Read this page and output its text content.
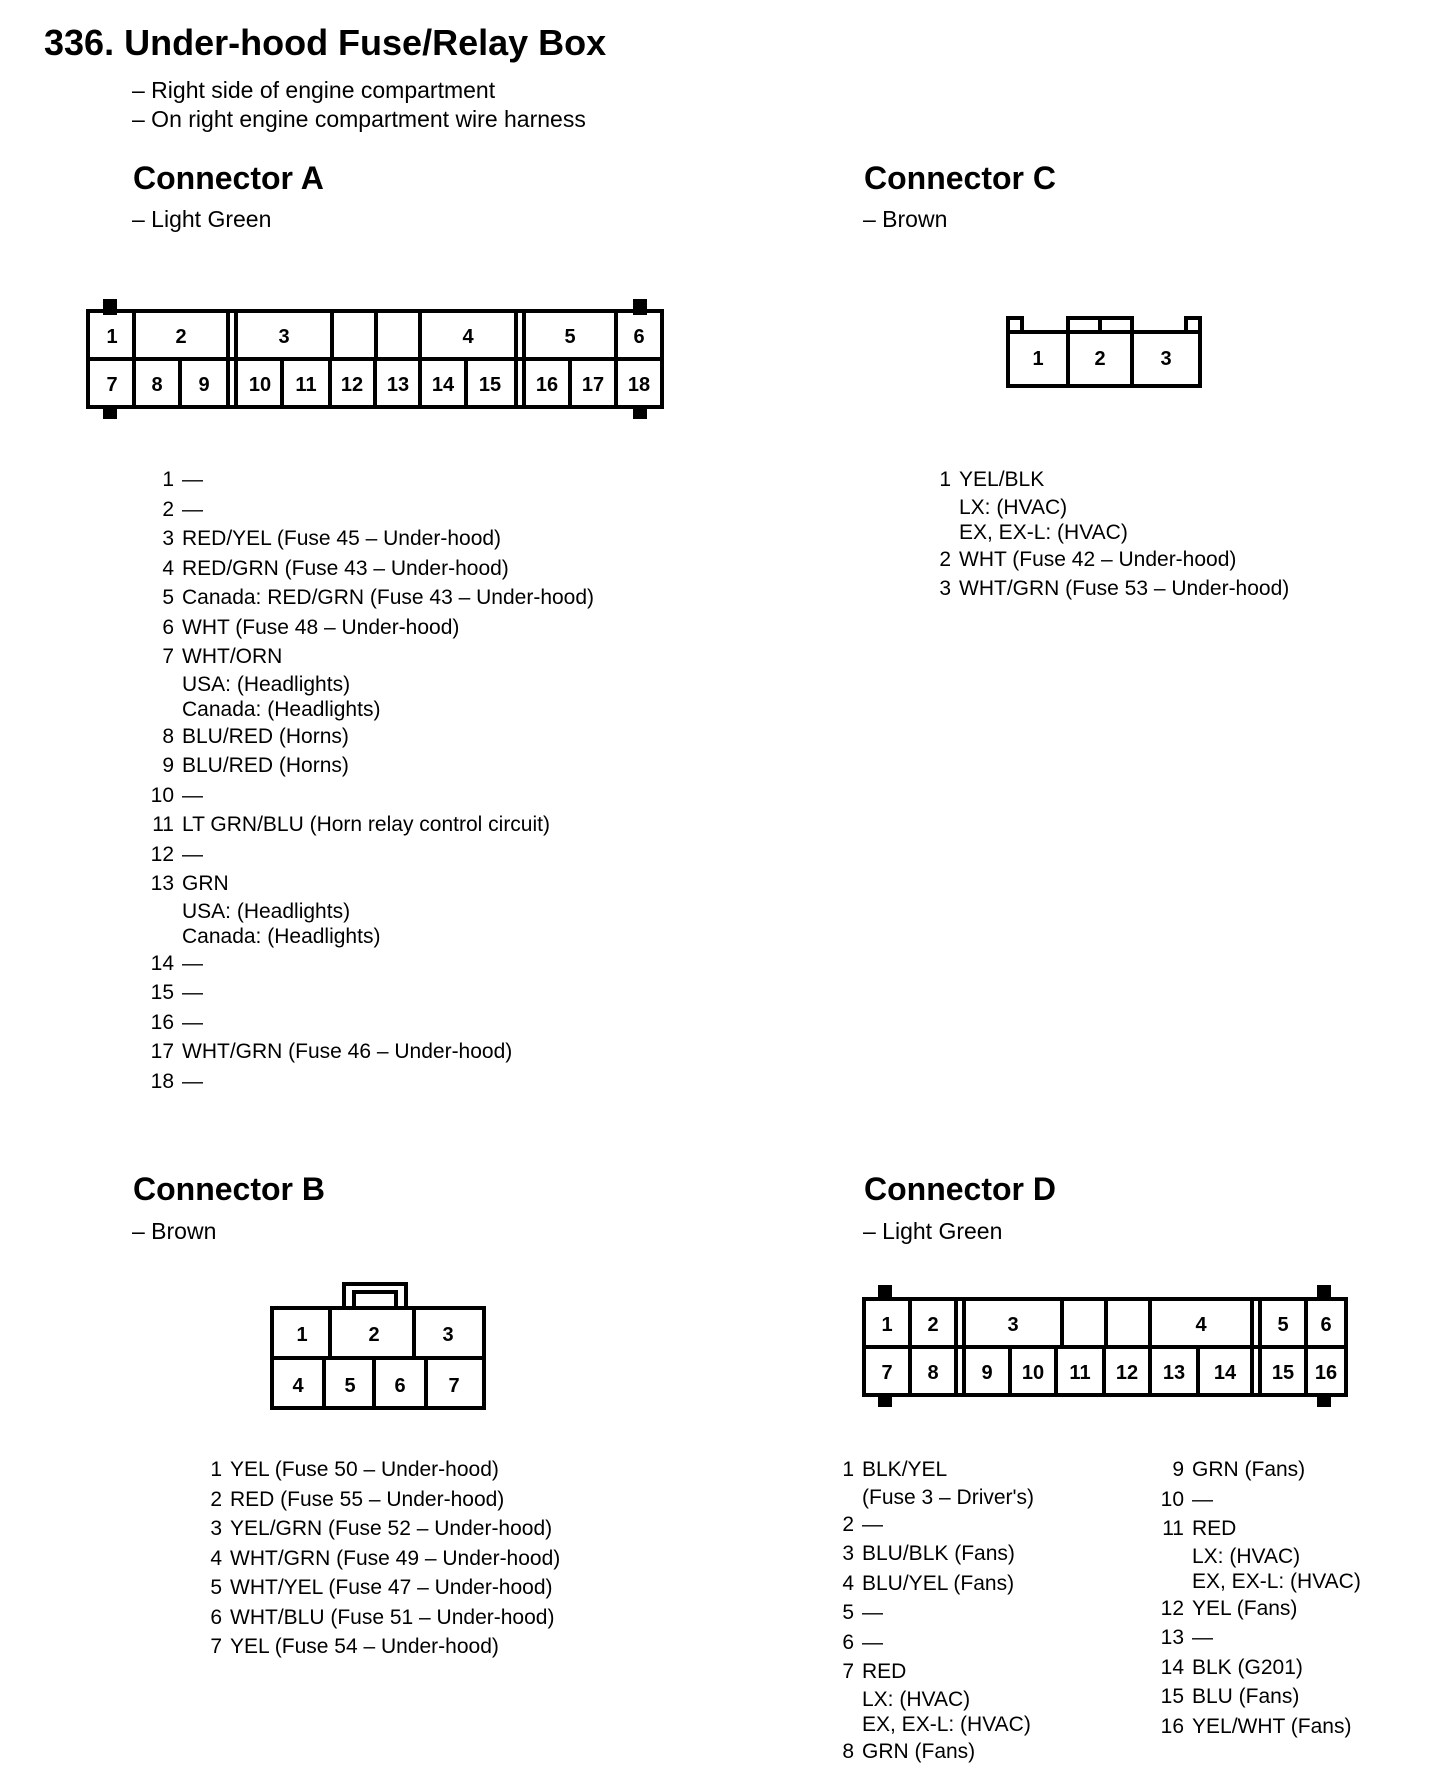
336. Under-hood Fuse/Relay Box
– Right side of engine compartment
– On right engine compartment wire harness
Connector A
– Light Green
Connector C
– Brown
Connector B
– Brown
Connector D
– Light Green
1	2	3	4	5	6
7 8 9 10 11 12 13 14 15 16 17 18
1	2	3
1	2	3
4 5 6 7
1 2	3	4	5 6
7 8 9 10 11 12 13 14 15 16
1 —
2 —
3 RED/YEL (Fuse 45 – Under-hood)
4 RED/GRN (Fuse 43 – Under-hood)
5 Canada: RED/GRN (Fuse 43 – Under-hood)
6 WHT (Fuse 48 – Under-hood)
7 WHT/ORN
USA: (Headlights)
Canada: (Headlights)
8 BLU/RED (Horns)
9 BLU/RED (Horns)
10 —
11 LT GRN/BLU (Horn relay control circuit)
12 —
13 GRN
USA: (Headlights)
Canada: (Headlights)
14 —
15 —
16 —
17 WHT/GRN (Fuse 46 – Under-hood)
18 —
1 YEL/BLK
LX: (HVAC)
EX, EX-L: (HVAC)
2 WHT (Fuse 42 – Under-hood)
3 WHT/GRN (Fuse 53 – Under-hood)
1 YEL (Fuse 50 – Under-hood)
2 RED (Fuse 55 – Under-hood)
3 YEL/GRN (Fuse 52 – Under-hood)
4 WHT/GRN (Fuse 49 – Under-hood)
5 WHT/YEL (Fuse 47 – Under-hood)
6 WHT/BLU (Fuse 51 – Under-hood)
7 YEL (Fuse 54 – Under-hood)
1 BLK/YEL
(Fuse 3 – Driver's)
2 —
3 BLU/BLK (Fans)
4 BLU/YEL (Fans)
5 —
6 —
7 RED
LX: (HVAC)
EX, EX-L: (HVAC)
8 GRN (Fans)
9 GRN (Fans)
10 —
11 RED
LX: (HVAC)
EX, EX-L: (HVAC)
12 YEL (Fans)
13 —
14 BLK (G201)
15 BLU (Fans)
16 YEL/WHT (Fans)
